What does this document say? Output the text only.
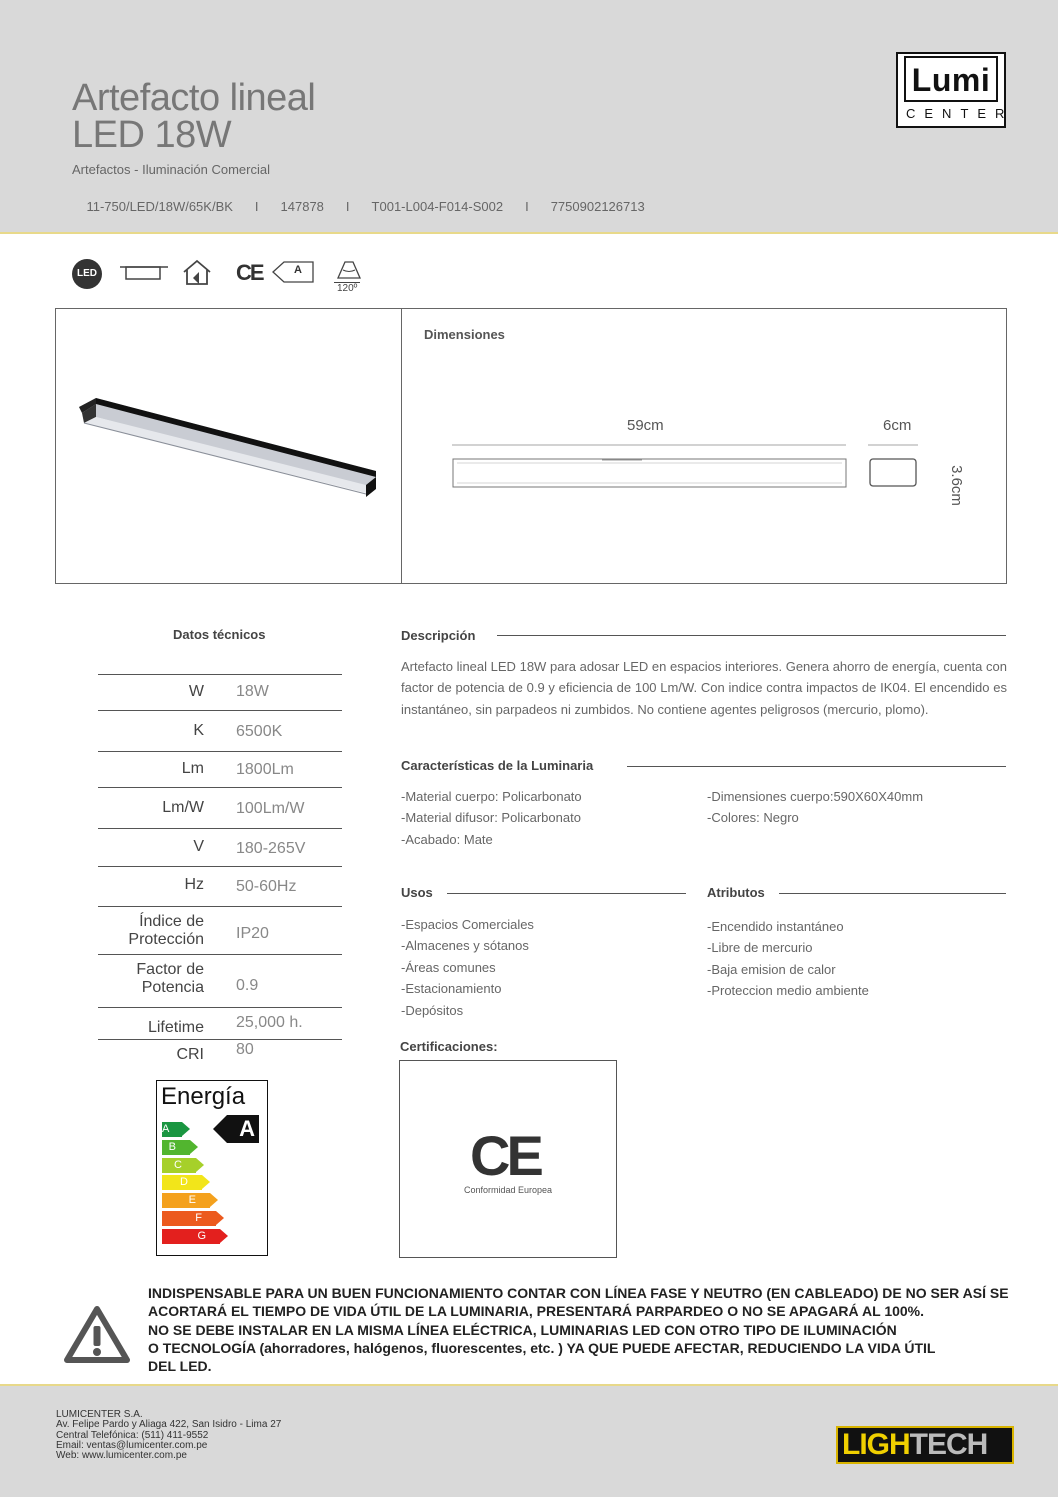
Artefacto lineal
LED 18W
Artefactos - Iluminación Comercial

11-750/LED/18W/65K/BK I 147878 I T001-L004-F014-S002 I 7750902126713

Lumi
CENTER
LED	CE	A
120º
Dimensiones
59cm	6cm
3.6cm
Datos técnicos
W 18W
K 6500K
Lm 1800Lm
Lm/W 100Lm/W
V 180-265V
Hz 50-60Hz
Índice de Protección IP20
Factor de Potencia 0.9
Lifetime 25,000 h.
CRI 80
Energía
A
B
C
D
E
F
G
A
Descripción
Artefacto lineal LED 18W para adosar LED en espacios interiores. Genera ahorro de energía, cuenta con factor de potencia de 0.9 y eficiencia de 100 Lm/W. Con indice contra impactos de IK04. El encendido es instantáneo, sin parpadeos ni zumbidos. No contiene agentes peligrosos (mercurio, plomo).
Características de la Luminaria
-Material cuerpo: Policarbonato
-Material difusor: Policarbonato
-Acabado: Mate
-Dimensiones cuerpo:590X60X40mm
-Colores: Negro
Usos
-Espacios Comerciales
-Almacenes y sótanos
-Áreas comunes
-Estacionamiento
-Depósitos
Atributos
-Encendido instantáneo
-Libre de mercurio
-Baja emision de calor
-Proteccion medio ambiente
Certificaciones:
CE
Conformidad Europea
INDISPENSABLE PARA UN BUEN FUNCIONAMIENTO CONTAR CON LÍNEA FASE Y NEUTRO (EN CABLEADO) DE NO SER ASÍ SE
ACORTARÁ EL TIEMPO DE VIDA ÚTIL DE LA LUMINARIA, PRESENTARÁ PARPARDEO O NO SE APAGARÁ AL 100%.
NO SE DEBE INSTALAR EN LA MISMA LÍNEA ELÉCTRICA, LUMINARIAS LED CON OTRO TIPO DE ILUMINACIÓN
O TECNOLOGÍA (ahorradores, halógenos, fluorescentes, etc. ) YA QUE PUEDE AFECTAR, REDUCIENDO LA VIDA ÚTIL
DEL LED.
LUMICENTER S.A.
Av. Felipe Pardo y Aliaga 422, San Isidro - Lima 27
Central Telefónica: (511) 411-9552
Email: ventas@lumicenter.com.pe
Web: www.lumicenter.com.pe	LIGHTECH
